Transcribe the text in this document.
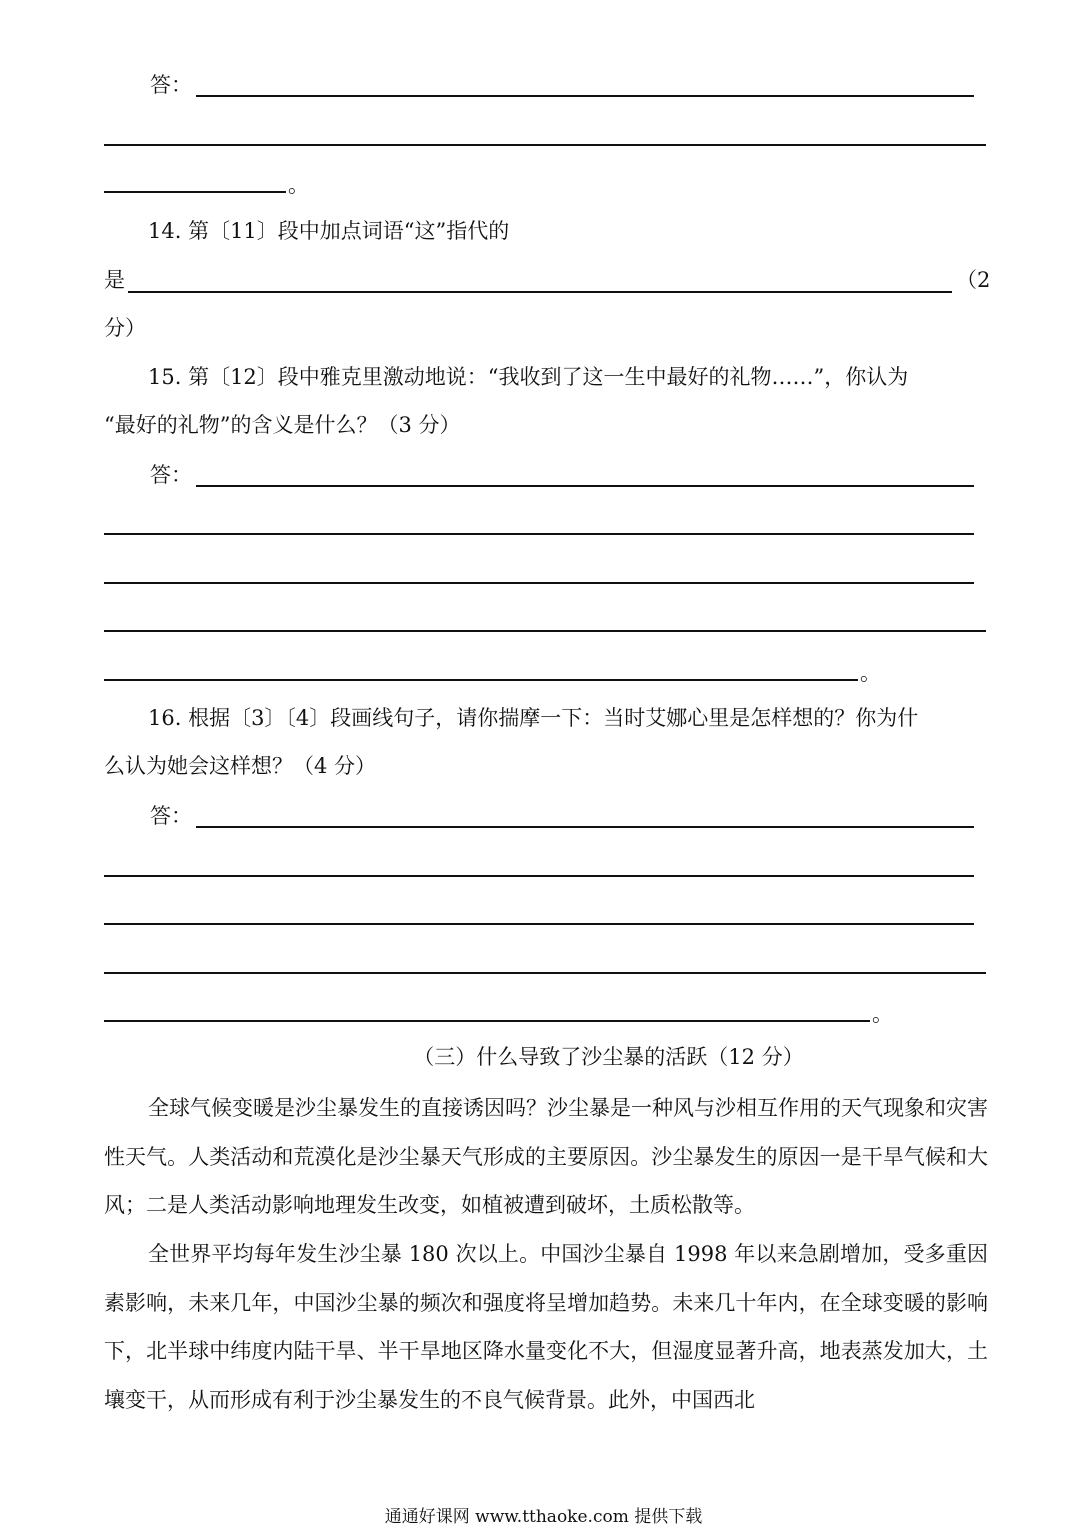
答：
。
14. 第〔11〕段中加点词语“这”指代的
是	（2
分）
15. 第〔12〕段中雅克里激动地说：“我收到了这一生中最好的礼物……”，你认为
“最好的礼物”的含义是什么？（3 分）
答：
。
16. 根据〔3〕〔4〕段画线句子，请你揣摩一下：当时艾娜心里是怎样想的？你为什
么认为她会这样想？（4 分）
答：
。
（三）什么导致了沙尘暴的活跃（12 分）

全球气候变暖是沙尘暴发生的直接诱因吗？沙尘暴是一种风与沙相互作用的天气现象和灾害性天气。人类活动和荒漠化是沙尘暴天气形成的主要原因。沙尘暴发生的原因一是干旱气候和大风；二是人类活动影响地理发生改变，如植被遭到破坏，土质松散等。

全世界平均每年发生沙尘暴 180 次以上。中国沙尘暴自 1998 年以来急剧增加，受多重因素影响，未来几年，中国沙尘暴的频次和强度将呈增加趋势。未来几十年内，在全球变暖的影响下，北半球中纬度内陆干旱、半干旱地区降水量变化不大，但湿度显著升高，地表蒸发加大，土壤变干，从而形成有利于沙尘暴发生的不良气候背景。此外，中国西北

通通好课网 www.tthaoke.com 提供下载
